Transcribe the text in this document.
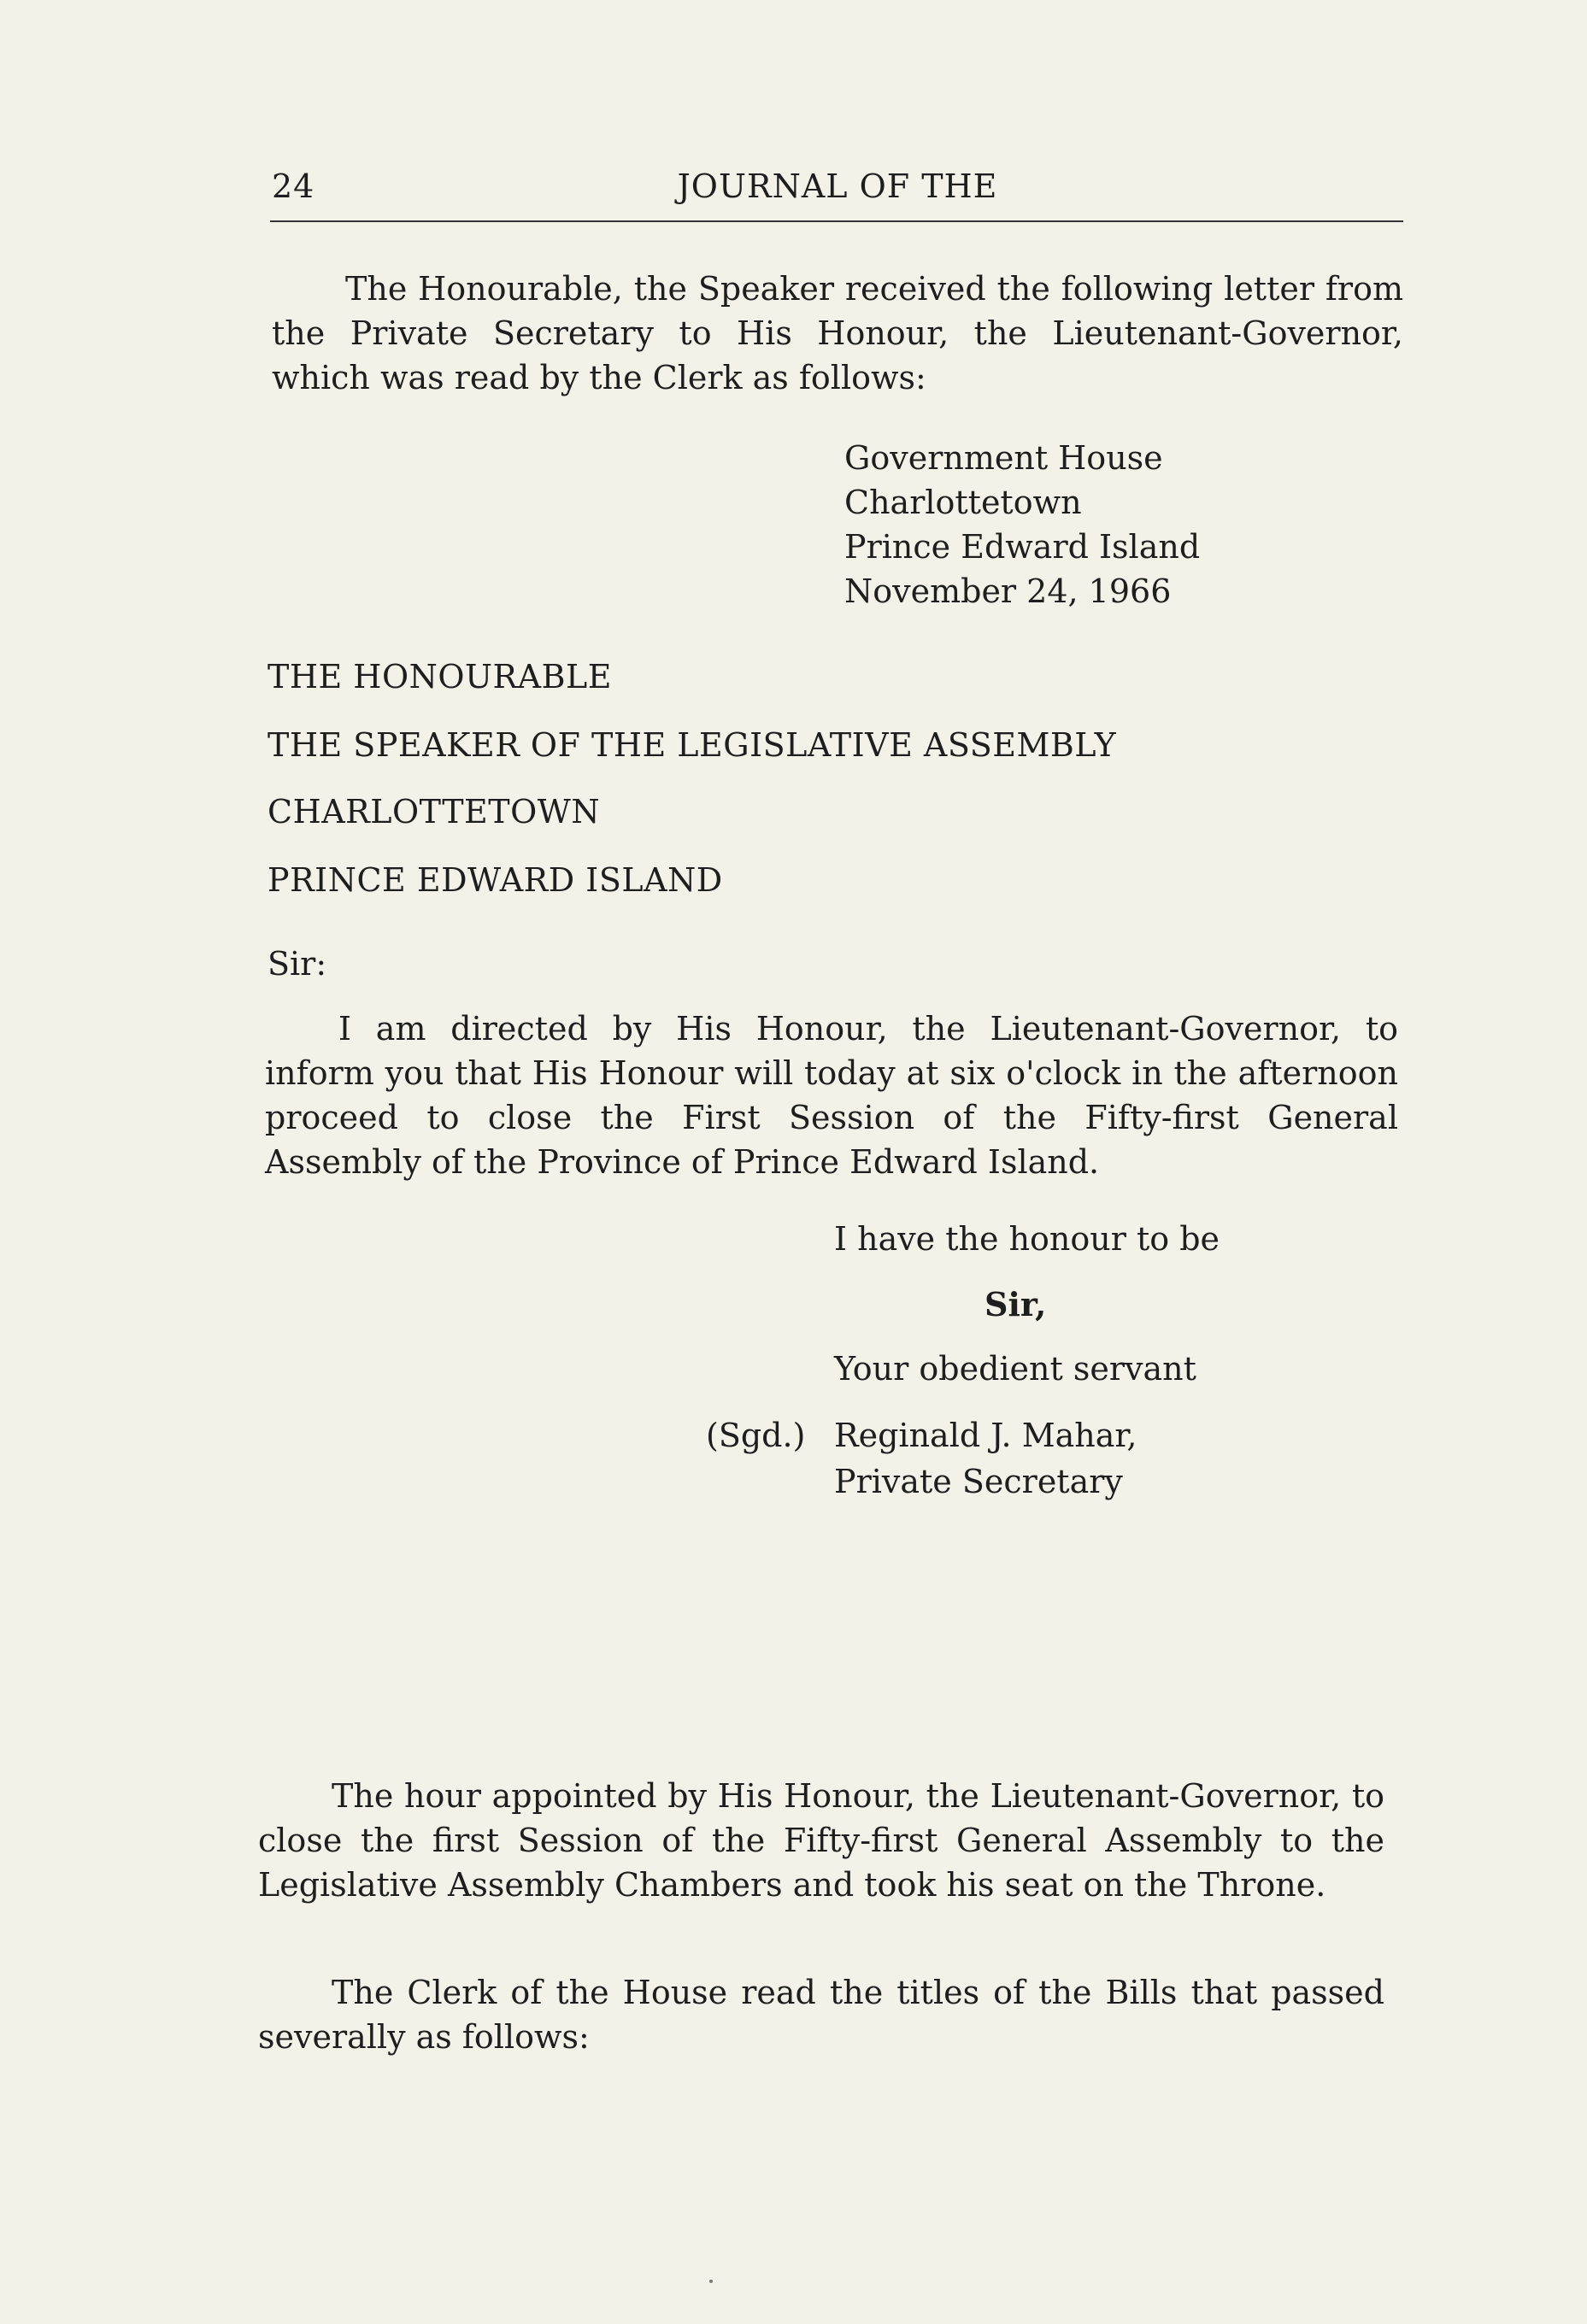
24	JOURNAL OF THE
The Honourable, the Speaker received the following letter from the Private Secretary to His Honour, the Lieutenant-Governor, which was read by the Clerk as follows:
Government House
Charlottetown
Prince Edward Island
November 24, 1966
THE HONOURABLE
THE SPEAKER OF THE LEGISLATIVE ASSEMBLY
CHARLOTTETOWN
PRINCE EDWARD ISLAND
Sir:
I am directed by His Honour, the Lieutenant-Governor, to inform you that His Honour will today at six o'clock in the afternoon proceed to close the First Session of the Fifty-first General Assembly of the Province of Prince Edward Island.
I have the honour to be
Sir,
Your obedient servant
(Sgd.) Reginald J. Mahar,
Private Secretary
The hour appointed by His Honour, the Lieutenant-Governor, to close the first Session of the Fifty-first General Assembly to the Legislative Assembly Chambers and took his seat on the Throne.
The Clerk of the House read the titles of the Bills that passed severally as follows:
